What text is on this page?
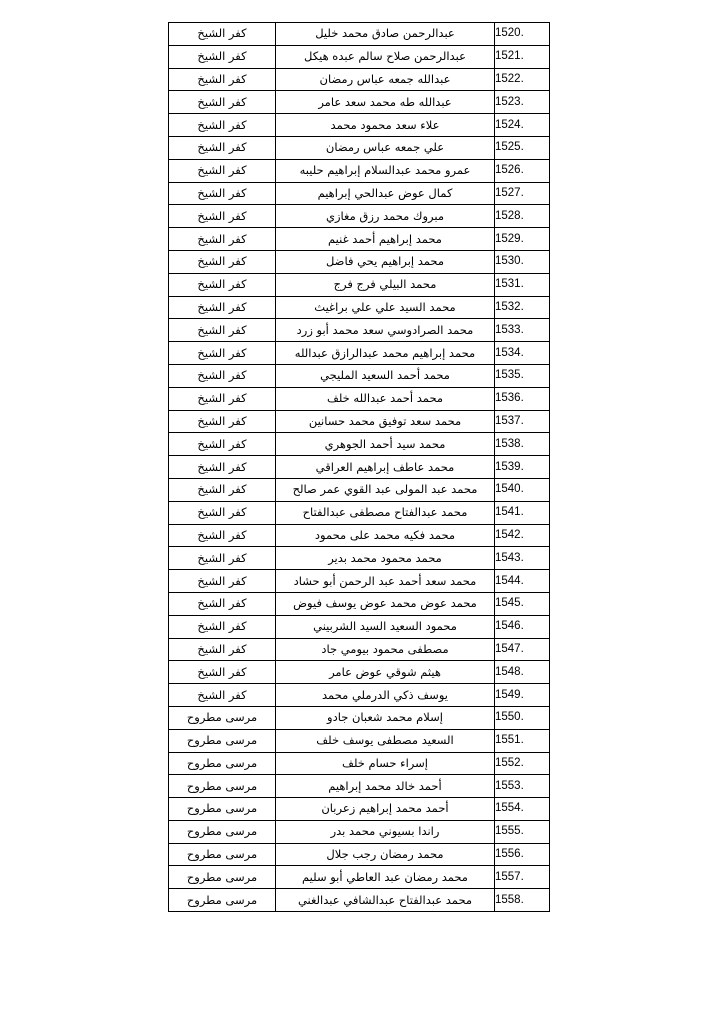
كفر الشيخ	عبدالرحمن صادق محمد خليل	1520.
كفر الشيخ	عبدالرحمن صلاح سالم عبده هيكل	1521.
كفر الشيخ	عبدالله جمعه عباس رمضان	1522.
كفر الشيخ	عبدالله طه محمد سعد عامر	1523.
كفر الشيخ	علاء سعد محمود محمد	1524.
كفر الشيخ	علي جمعه عباس رمضان	1525.
كفر الشيخ	عمرو محمد عبدالسلام إبراهيم حليبه	1526.
كفر الشيخ	كمال عوض عبدالحي إبراهيم	1527.
كفر الشيخ	مبروك محمد رزق مغازي	1528.
كفر الشيخ	محمد إبراهيم أحمد غنيم	1529.
كفر الشيخ	محمد إبراهيم يحي فاضل	1530.
كفر الشيخ	محمد البيلي فرج فرج	1531.
كفر الشيخ	محمد السيد علي علي براغيث	1532.
كفر الشيخ	محمد الصرادوسي سعد محمد أبو زرد	1533.
كفر الشيخ	محمد إبراهيم محمد عبدالرازق عبدالله	1534.
كفر الشيخ	محمد أحمد السعيد المليجي	1535.
كفر الشيخ	محمد أحمد عبدالله خلف	1536.
كفر الشيخ	محمد سعد توفيق محمد حسانين	1537.
كفر الشيخ	محمد سيد أحمد الجوهري	1538.
كفر الشيخ	محمد عاطف إبراهيم العراقي	1539.
كفر الشيخ	محمد عبد المولى عبد القوي عمر صالح	1540.
كفر الشيخ	محمد عبدالفتاح مصطفى عبدالفتاح	1541.
كفر الشيخ	محمد فكيه محمد على محمود	1542.
كفر الشيخ	محمد محمود محمد بدير	1543.
كفر الشيخ	محمد سعد أحمد عبد الرحمن أبو حشاد	1544.
كفر الشيخ	محمد عوض محمد عوض يوسف فيوض	1545.
كفر الشيخ	محمود السعيد السيد الشربيني	1546.
كفر الشيخ	مصطفى محمود بيومي جاد	1547.
كفر الشيخ	هيثم شوقي عوض عامر	1548.
كفر الشيخ	يوسف ذكي الدرملي محمد	1549.
مرسى مطروح	إسلام محمد شعبان جادو	1550.
مرسى مطروح	السعيد مصطفى يوسف خلف	1551.
مرسى مطروح	إسراء حسام خلف	1552.
مرسى مطروح	أحمد خالد محمد إبراهيم	1553.
مرسى مطروح	أحمد محمد إبراهيم زعربان	1554.
مرسى مطروح	راندا بسيوني محمد بدر	1555.
مرسى مطروح	محمد رمضان رجب جلال	1556.
مرسى مطروح	محمد رمضان عبد العاطي أبو سليم	1557.
مرسى مطروح	محمد عبدالفتاح عبدالشافي عبدالغني	1558.
